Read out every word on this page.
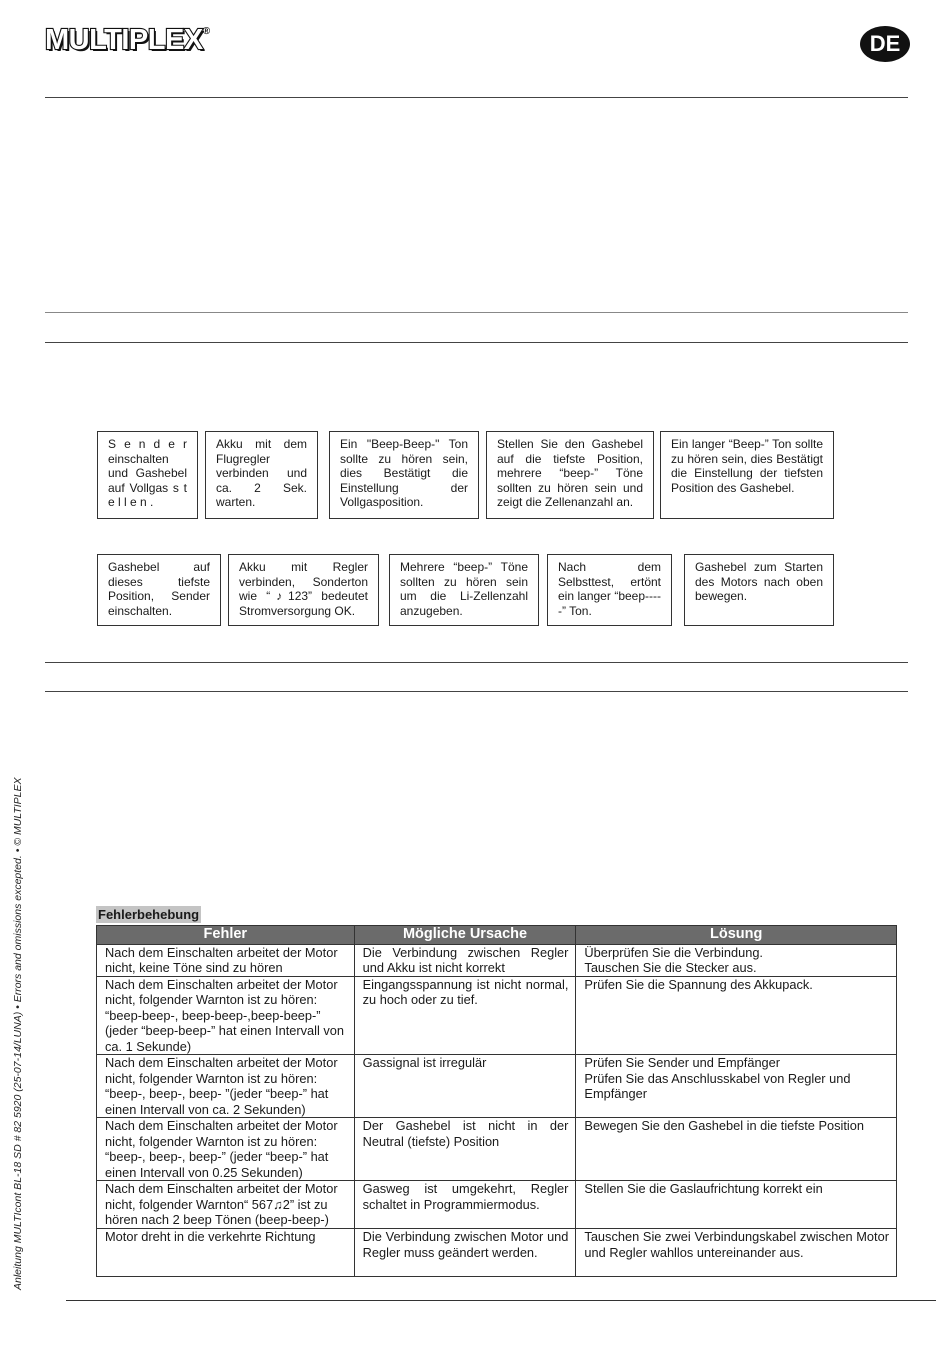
MULTIPLEX®	DE
Anleitung MULTIcont BL-18 SD # 82 5920 (25-07-14/LUNA) • Errors and omissions excepted. • © MULTIPLEX
S e n d e r einschalten und Gashebel auf Vollgas s t e l l e n .
Akku mit dem Flugregler verbinden und ca. 2 Sek. warten.
Ein "Beep-Beep-" Ton sollte zu hören sein, dies Bestätigt die Einstellung der Vollgasposition.
Stellen Sie den Gashebel auf die tiefste Position, mehrere “beep-” Töne sollten zu hören sein und zeigt die Zellenanzahl an.
Ein langer “Beep-” Ton sollte zu hören sein, dies Bestätigt die Einstellung der tiefsten Position des Gashebel.
Gashebel auf dieses tiefste Position, Sender einschalten.
Akku mit Regler verbinden, Sonderton wie “♪123” bedeutet Stromversorgung OK.
Mehrere “beep-” Töne sollten zu hören sein um die Li-Zellenzahl anzugeben.
Nach dem Selbsttest, ertönt ein langer “beep-----” Ton.
Gashebel zum Starten des Motors nach oben bewegen.
Fehlerbehebung
Fehler	Mögliche Ursache	Lösung
Nach dem Einschalten arbeitet der Motor nicht, keine Töne sind zu hören	Die Verbindung zwischen Regler und Akku ist nicht korrekt	Überprüfen Sie die Verbindung.
Tauschen Sie die Stecker aus.
Nach dem Einschalten arbeitet der Motor nicht, folgender Warnton ist zu hören: “beep-beep-, beep-beep-,beep-beep-” (jeder “beep-beep-” hat einen Intervall von ca. 1 Sekunde)	Eingangsspannung ist nicht normal, zu hoch oder zu tief.	Prüfen Sie die Spannung des Akkupack.
Nach dem Einschalten arbeitet der Motor nicht, folgender Warnton ist zu hören: “beep-, beep-, beep- ”(jeder “beep-” hat einen Intervall von ca. 2 Sekunden)	Gassignal ist irregulär	Prüfen Sie Sender und Empfänger
Prüfen Sie das Anschlusskabel von Regler und Empfänger
Nach dem Einschalten arbeitet der Motor nicht, folgender Warnton ist zu hören: “beep-, beep-, beep-” (jeder “beep-” hat einen Intervall von 0.25 Sekunden)	Der Gashebel ist nicht in der Neutral (tiefste) Position	Bewegen Sie den Gashebel in die tiefste Position
Nach dem Einschalten arbeitet der Motor nicht, folgender Warnton“ 567♫2” ist zu hören nach 2 beep Tönen (beep-beep-)	Gasweg ist umgekehrt, Regler schaltet in Programmiermodus.	Stellen Sie die Gaslaufrichtung korrekt ein
Motor dreht in die verkehrte Richtung	Die Verbindung zwischen Motor und Regler muss geändert werden.	Tauschen Sie zwei Verbindungskabel zwischen Motor und Regler wahllos untereinander aus.
